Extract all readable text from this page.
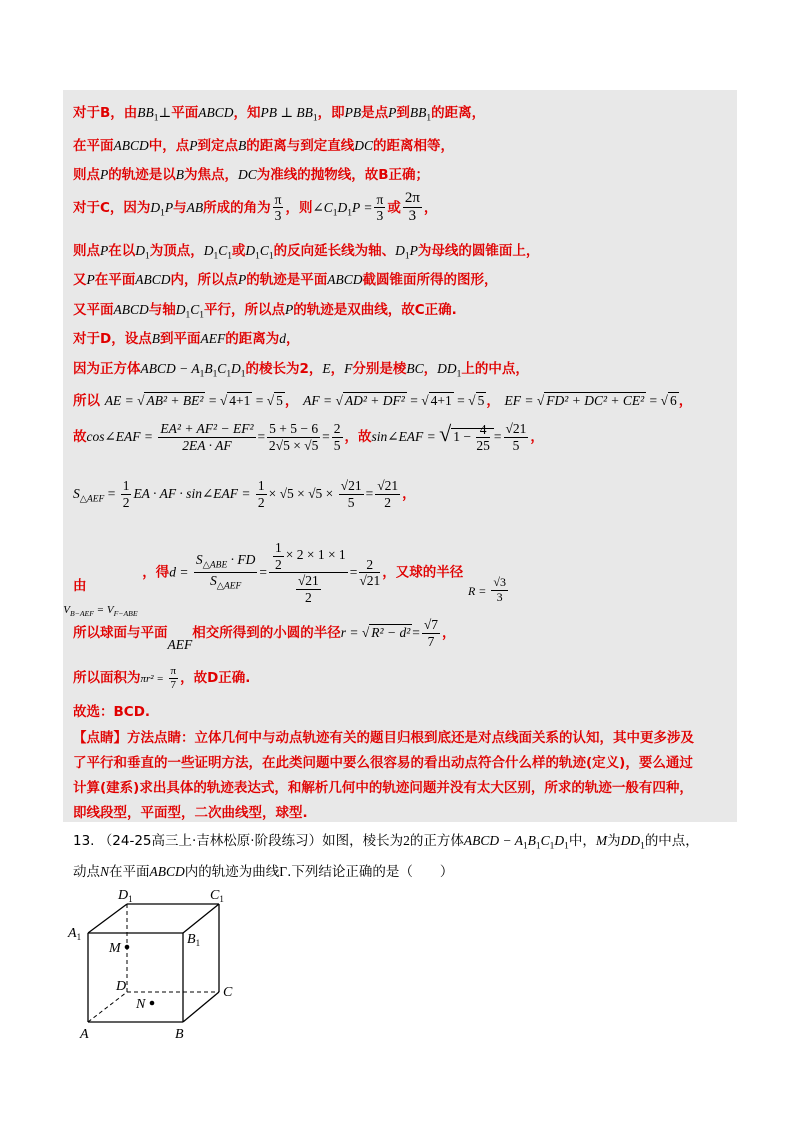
对于B，由$BB_1\perp$平面ABCD，知PB ⊥ $BB_1$，即PB是点P到$BB_1$的距离，
在平面ABCD中，点P到定点B的距离与到定直线DC的距离相等，
则点P的轨迹是以B为焦点，DC为准线的抛物线，故B正确；
对于C，因为$D_1P$与AB所成的角为 $\frac{\pi}{3}$ ，则$\angle C_1D_1P = \frac{\pi}{3}$ 或 $\frac{2\pi}{3}$ ，
则点P在以$D_1$为顶点，$D_1C_1$或$D_1C_1$的反向延长线为轴、$D_1P$为母线的圆锥面上，
又P在平面ABCD内，所以点P的轨迹是平面ABCD截圆锥面所得的图形，
又平面ABCD与轴$D_1C_1$平行，所以点P的轨迹是双曲线，故C正确.
对于D，设点B到平面AEF的距离为d，
因为正方体ABCD − $A_1B_1C_1D_1$的棱长为2，E，F分别是棱BC，$DD_1$上的中点，
所以 AE = √ AB² + BE² = √ 4+1 = √ 5 ， AF = √ AD² + DF² = √ 4+1 = √ 5 ， EF = √ FD² + DC² + CE² = √ 6 ，
故cos∠EAF = $\frac{\text{EA² + AF² − EF²}}{2EA \cdot AF} = \frac{5 + 5 - 6}{2√5 \times √5} = \frac{2}{5}$ ，故sin∠EAF = √ $1 - \frac{4}{25} = \frac{√21}{5}$ ，
$S_{\triangle AEF} = \frac{1}{2}$ EA · AF · sin∠EAF = $\frac{1}{2} \times √5 \times √5 \times \frac{√21}{5} = \frac{√21}{2}$ ，
由 $_{V_{B-AEF} = V_{F-ABE}}$ ，得$d = \frac{S_{\triangle ABE} \cdot FD}{S_{\triangle AEF}} = \frac{\frac{1}{2} \times 2 \times 1 \times 1}{\frac{√21}{2}} = \frac{2}{√21}$ ，又球的半径 $R = \frac{√3}{3}$
所以球面与平面AEF相交所得到的小圆的半径r = √ $R^2 - d^2 = \frac{√7}{7}$ ，
所以面积为$\pi r^2 = \frac{\pi}{7}$ ，故D正确.
故选：BCD.
【点睛】方法点睛：立体几何中与动点轨迹有关的题目归根到底还是对点线面关系的认知，其中更多涉及
了平行和垂直的一些证明方法，在此类问题中要么很容易的看出动点符合什么样的轨迹(定义)，要么通过
计算(建系)求出具体的轨迹表达式，和解析几何中的轨迹问题并没有太大区别，所求的轨迹一般有四种，
即线段型，平面型，二次曲线型，球型.
13. （24-25高三上·吉林松原·阶段练习）如图，棱长为2的正方体ABCD − $A_1B_1C_1D_1$中，M为$DD_1$的中点，
动点N在平面ABCD内的轨迹为曲线Γ.下列结论正确的是（　　）
$D_1$	$C_1$
$A_1$	$B_1$
M
D	C
N
A	B
